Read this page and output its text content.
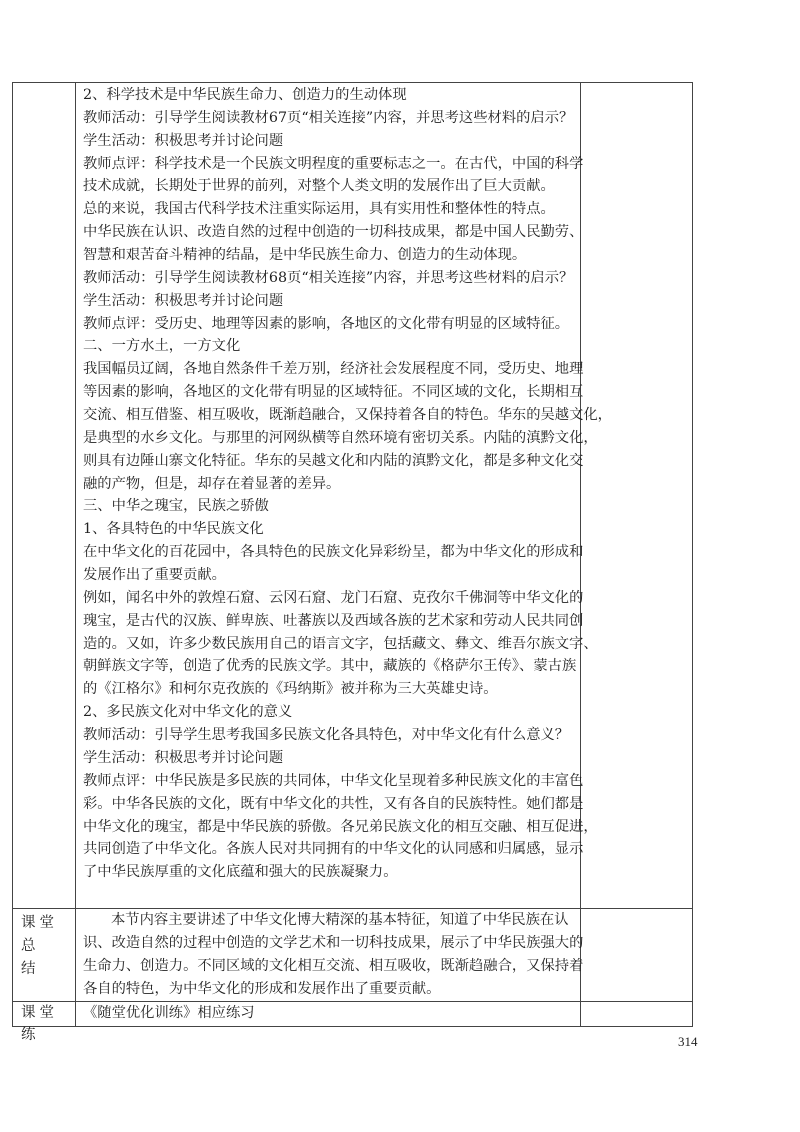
2、科学技术是中华民族生命力、创造力的生动体现
教师活动：引导学生阅读教材67页“相关连接”内容，并思考这些材料的启示？
学生活动：积极思考并讨论问题
教师点评：科学技术是一个民族文明程度的重要标志之一。在古代，中国的科学
技术成就，长期处于世界的前列，对整个人类文明的发展作出了巨大贡献。
总的来说，我国古代科学技术注重实际运用，具有实用性和整体性的特点。
中华民族在认识、改造自然的过程中创造的一切科技成果，都是中国人民勤劳、
智慧和艰苦奋斗精神的结晶，是中华民族生命力、创造力的生动体现。
教师活动：引导学生阅读教材68页“相关连接”内容，并思考这些材料的启示？
学生活动：积极思考并讨论问题
教师点评：受历史、地理等因素的影响，各地区的文化带有明显的区域特征。
二、一方水土，一方文化
我国幅员辽阔，各地自然条件千差万别，经济社会发展程度不同，受历史、地理
等因素的影响，各地区的文化带有明显的区域特征。不同区域的文化，长期相互
交流、相互借鉴、相互吸收，既渐趋融合，又保持着各自的特色。华东的吴越文化，
是典型的水乡文化。与那里的河网纵横等自然环境有密切关系。内陆的滇黔文化，
则具有边陲山寨文化特征。华东的吴越文化和内陆的滇黔文化，都是多种文化交
融的产物，但是，却存在着显著的差异。
三、中华之瑰宝，民族之骄傲
1、各具特色的中华民族文化
在中华文化的百花园中，各具特色的民族文化异彩纷呈，都为中华文化的形成和
发展作出了重要贡献。
例如，闻名中外的敦煌石窟、云冈石窟、龙门石窟、克孜尔千佛洞等中华文化的
瑰宝，是古代的汉族、鲜卑族、吐蕃族以及西域各族的艺术家和劳动人民共同创
造的。又如，许多少数民族用自己的语言文字，包括藏文、彝文、维吾尔族文字、
朝鲜族文字等，创造了优秀的民族文学。其中，藏族的《格萨尔王传》、蒙古族
的《江格尔》和柯尔克孜族的《玛纳斯》被并称为三大英雄史诗。
2、多民族文化对中华文化的意义
教师活动：引导学生思考我国多民族文化各具特色，对中华文化有什么意义？
学生活动：积极思考并讨论问题
教师点评：中华民族是多民族的共同体，中华文化呈现着多种民族文化的丰富色
彩。中华各民族的文化，既有中华文化的共性，又有各自的民族特性。她们都是
中华文化的瑰宝，都是中华民族的骄傲。各兄弟民族文化的相互交融、相互促进，
共同创造了中华文化。各族人民对共同拥有的中华文化的认同感和归属感，显示
了中华民族厚重的文化底蕴和强大的民族凝聚力。
课堂总
结
本节内容主要讲述了中华文化博大精深的基本特征，知道了中华民族在认
识、改造自然的过程中创造的文学艺术和一切科技成果，展示了中华民族强大的
生命力、创造力。不同区域的文化相互交流、相互吸收，既渐趋融合，又保持着
各自的特色，为中华文化的形成和发展作出了重要贡献。
课堂练
《随堂优化训练》相应练习
314
